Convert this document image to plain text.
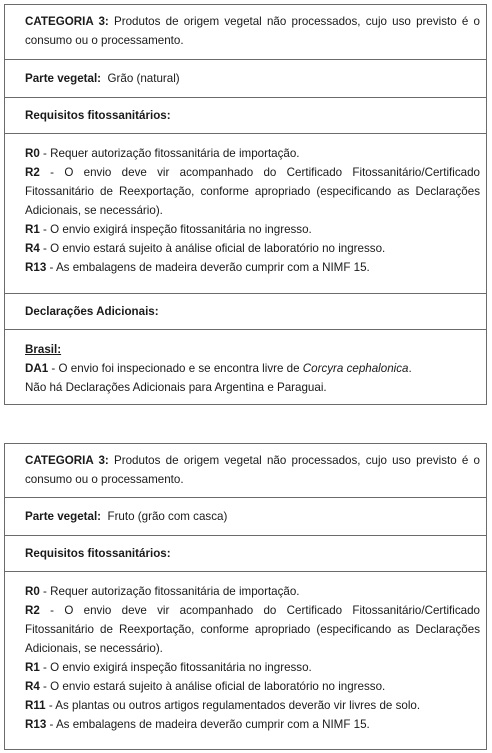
CATEGORIA 3: Produtos de origem vegetal não processados, cujo uso previsto é o consumo ou o processamento.
Parte vegetal:  Grão (natural)
Requisitos fitossanitários:
R0 - Requer autorização fitossanitária de importação.
R2 - O envio deve vir acompanhado do Certificado Fitossanitário/Certificado Fitossanitário de Reexportação, conforme apropriado (especificando as Declarações Adicionais, se necessário).
R1 - O envio exigirá inspeção fitossanitária no ingresso.
R4 - O envio estará sujeito à análise oficial de laboratório no ingresso.
R13 - As embalagens de madeira deverão cumprir com a NIMF 15.
Declarações Adicionais:
Brasil:
DA1 - O envio foi inspecionado e se encontra livre de Corcyra cephalonica.
Não há Declarações Adicionais para Argentina e Paraguai.
CATEGORIA 3: Produtos de origem vegetal não processados, cujo uso previsto é o consumo ou o processamento.
Parte vegetal:  Fruto (grão com casca)
Requisitos fitossanitários:
R0 - Requer autorização fitossanitária de importação.
R2 - O envio deve vir acompanhado do Certificado Fitossanitário/Certificado Fitossanitário de Reexportação, conforme apropriado (especificando as Declarações Adicionais, se necessário).
R1 - O envio exigirá inspeção fitossanitária no ingresso.
R4 - O envio estará sujeito à análise oficial de laboratório no ingresso.
R11 - As plantas ou outros artigos regulamentados deverão vir livres de solo.
R13 - As embalagens de madeira deverão cumprir com a NIMF 15.
